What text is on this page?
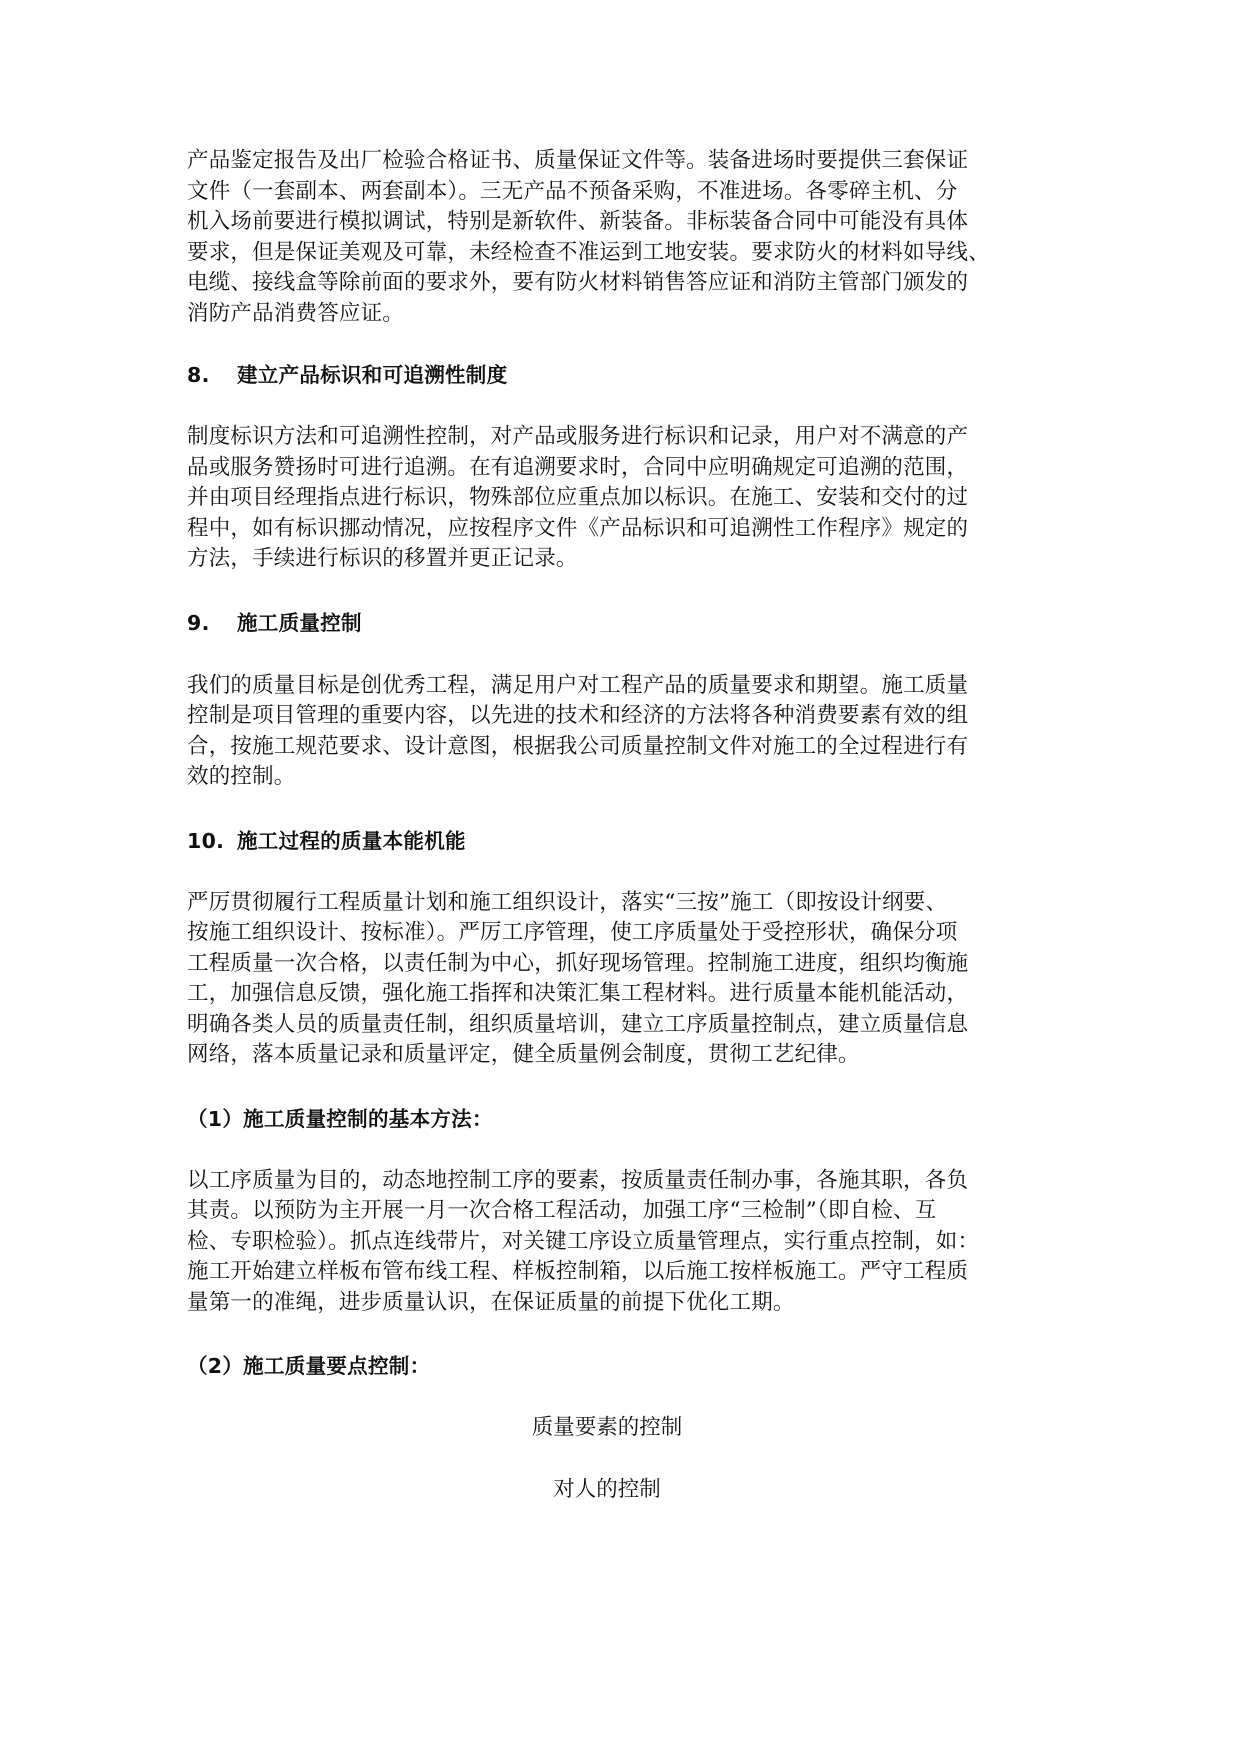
产品鉴定报告及出厂检验合格证书、质量保证文件等。装备进场时要提供三套保证
文件（一套副本、两套副本）。三无产品不预备采购，不准进场。各零碎主机、分
机入场前要进行模拟调试，特别是新软件、新装备。非标装备合同中可能没有具体
要求，但是保证美观及可靠，未经检查不准运到工地安装。要求防火的材料如导线、
电缆、接线盒等除前面的要求外，要有防火材料销售答应证和消防主管部门颁发的
消防产品消费答应证。
8. 建立产品标识和可追溯性制度
制度标识方法和可追溯性控制，对产品或服务进行标识和记录，用户对不满意的产
品或服务赞扬时可进行追溯。在有追溯要求时，合同中应明确规定可追溯的范围，
并由项目经理指点进行标识，物殊部位应重点加以标识。在施工、安装和交付的过
程中，如有标识挪动情况，应按程序文件《产品标识和可追溯性工作程序》规定的
方法，手续进行标识的移置并更正记录。
9. 施工质量控制
我们的质量目标是创优秀工程，满足用户对工程产品的质量要求和期望。施工质量
控制是项目管理的重要内容，以先进的技术和经济的方法将各种消费要素有效的组
合，按施工规范要求、设计意图，根据我公司质量控制文件对施工的全过程进行有
效的控制。
10. 施工过程的质量本能机能
严厉贯彻履行工程质量计划和施工组织设计，落实“三按”施工（即按设计纲要、
按施工组织设计、按标准）。严厉工序管理，使工序质量处于受控形状，确保分项
工程质量一次合格，以责任制为中心，抓好现场管理。控制施工进度，组织均衡施
工，加强信息反馈，强化施工指挥和决策汇集工程材料。进行质量本能机能活动，
明确各类人员的质量责任制，组织质量培训，建立工序质量控制点，建立质量信息
网络，落本质量记录和质量评定，健全质量例会制度，贯彻工艺纪律。
（1）施工质量控制的基本方法：
以工序质量为目的，动态地控制工序的要素，按质量责任制办事，各施其职，各负
其责。以预防为主开展一月一次合格工程活动，加强工序“三检制”（即自检、互
检、专职检验）。抓点连线带片，对关键工序设立质量管理点，实行重点控制，如：
施工开始建立样板布管布线工程、样板控制箱，以后施工按样板施工。严守工程质
量第一的准绳，进步质量认识，在保证质量的前提下优化工期。
（2）施工质量要点控制：
质量要素的控制
对人的控制
